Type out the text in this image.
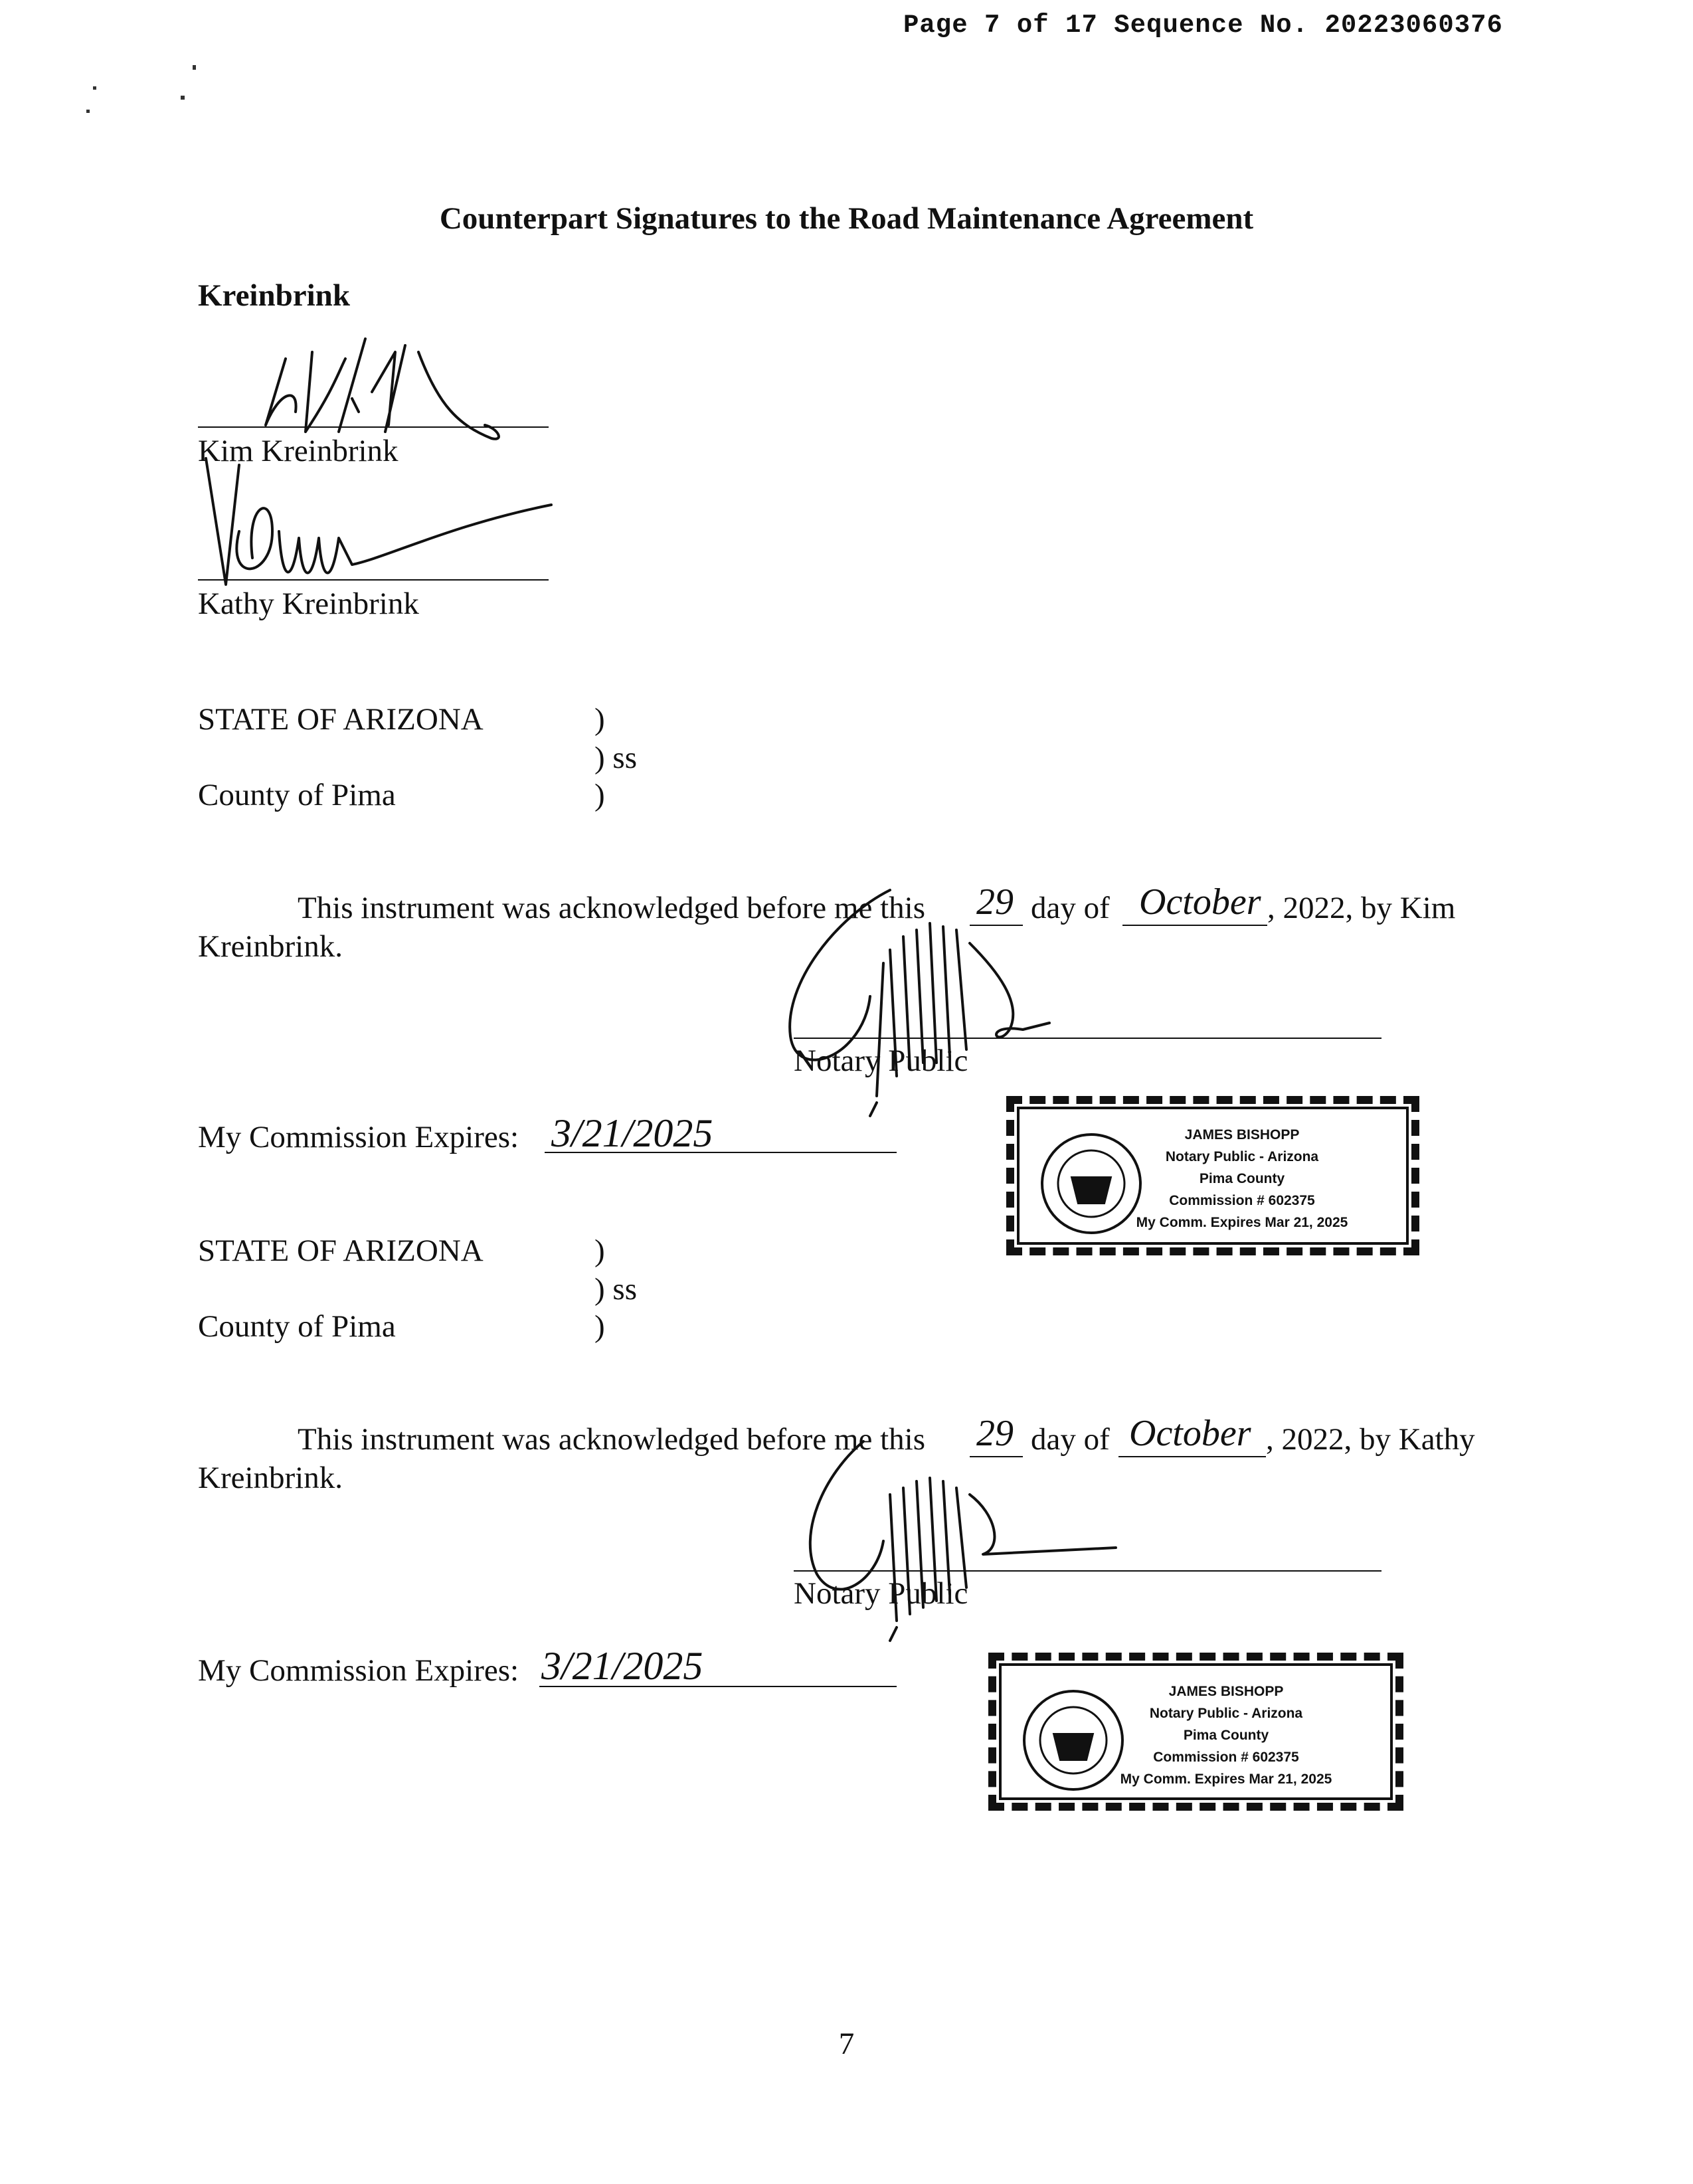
Page 7 of 17 Sequence No. 20223060376
Counterpart Signatures to the Road Maintenance Agreement
Kreinbrink
Kim Kreinbrink
Kathy Kreinbrink
STATE OF ARIZONA	)
) ss
County of Pima	)
This instrument was acknowledged before me this 29 day of October , 2022, by Kim
Kreinbrink.
Notary Public
My Commission Expires: 3/21/2025	JAMES BISHOPP
Notary Public - Arizona
Pima County
Commission # 602375
My Comm. Expires Mar 21, 2025
STATE OF ARIZONA	)
) ss
County of Pima	)
This instrument was acknowledged before me this 29 day of October , 2022, by Kathy
Kreinbrink.
Notary Public
My Commission Expires: 3/21/2025
JAMES BISHOPP
Notary Public - Arizona
Pima County
Commission # 602375
My Comm. Expires Mar 21, 2025
7
